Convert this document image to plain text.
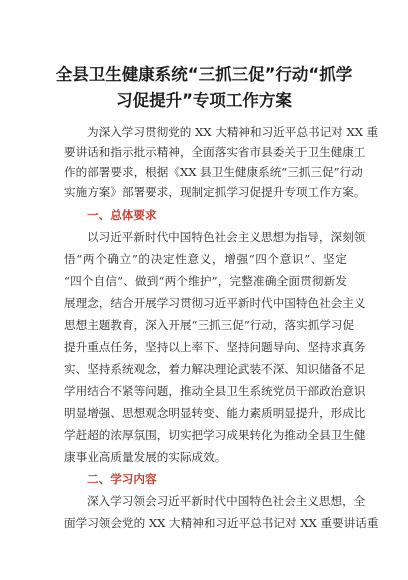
全县卫生健康系统“三抓三促”行动“抓学
习促提升”专项工作方案
为深入学习贯彻党的 XX 大精神和习近平总书记对 XX 重
要讲话和指示批示精神，全面落实省市县委关于卫生健康工
作的部署要求，根据《XX 县卫生健康系统“三抓三促”行动
实施方案》部署要求，现制定抓学习促提升专项工作方案。
一、总体要求
以习近平新时代中国特色社会主义思想为指导，深刻领
悟“两个确立”的决定性意义，增强“四个意识”、坚定
“四个自信”、做到“两个维护”，完整准确全面贯彻新发
展理念，结合开展学习贯彻习近平新时代中国特色社会主义
思想主题教育，深入开展“三抓三促”行动，落实抓学习促
提升重点任务，坚持以上率下、坚持问题导向、坚持求真务
实、坚持系统观念，着力解决理论武装不深、知识储备不足
学用结合不紧等问题，推动全县卫生系统党员干部政治意识
明显增强、思想观念明显转变、能力素质明显提升，形成比
学赶超的浓厚氛围，切实把学习成果转化为推动全县卫生健
康事业高质量发展的实际成效。
二、学习内容
深入学习领会习近平新时代中国特色社会主义思想，全
面学习领会党的 XX 大精神和习近平总书记对 XX 重要讲话重
